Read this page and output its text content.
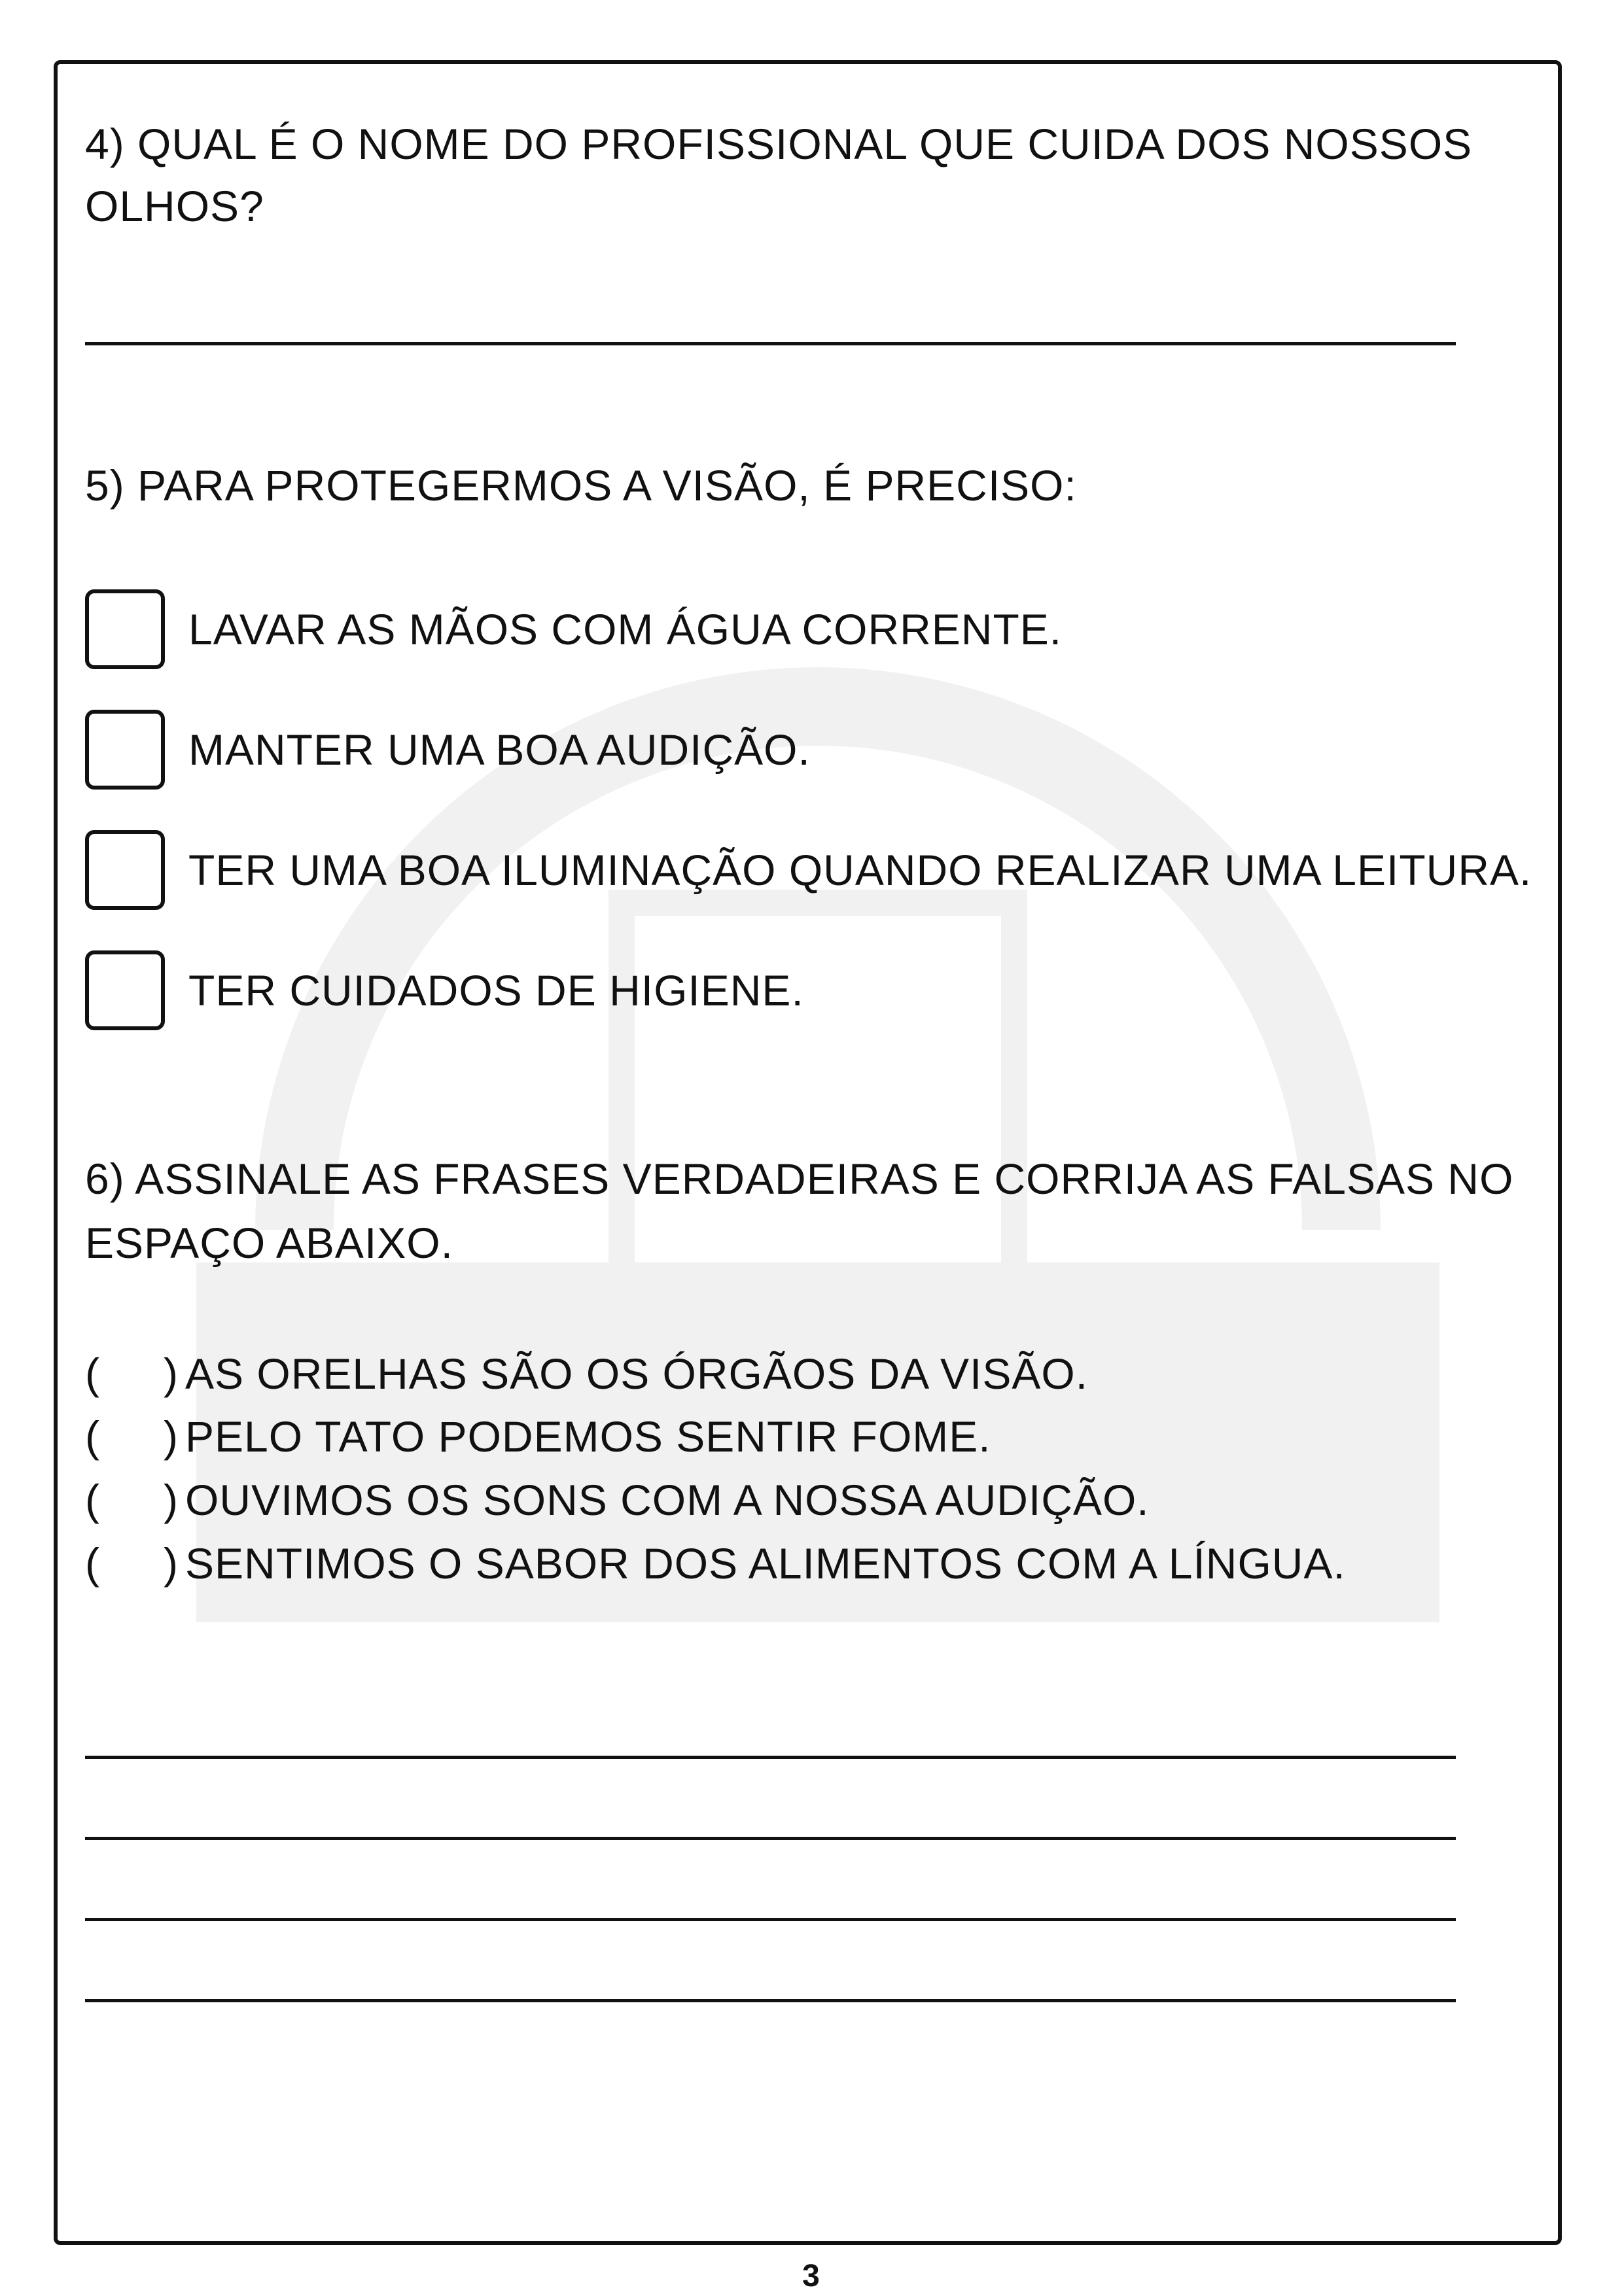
4) QUAL É O NOME DO PROFISSIONAL QUE CUIDA DOS NOSSOS
OLHOS?
5) PARA PROTEGERMOS A VISÃO, É PRECISO:
LAVAR AS MÃOS COM ÁGUA CORRENTE.
MANTER UMA BOA AUDIÇÃO.
TER UMA BOA ILUMINAÇÃO QUANDO REALIZAR UMA LEITURA.
TER CUIDADOS DE HIGIENE.
6) ASSINALE AS FRASES VERDADEIRAS E CORRIJA AS FALSAS NO
ESPAÇO ABAIXO.
(	) AS ORELHAS SÃO OS ÓRGÃOS DA VISÃO.
(	) PELO TATO PODEMOS SENTIR FOME.
(	) OUVIMOS OS SONS COM A NOSSA AUDIÇÃO.
(	) SENTIMOS O SABOR DOS ALIMENTOS COM A LÍNGUA.
3
